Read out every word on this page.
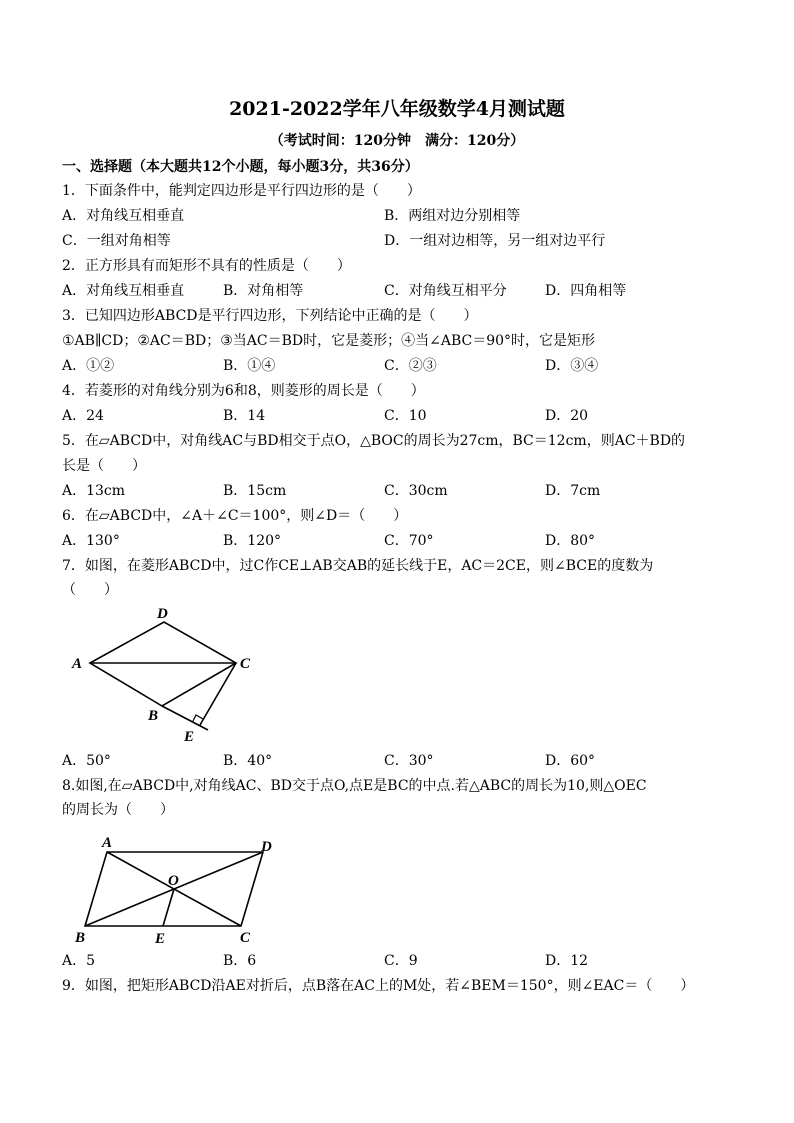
2021-2022学年八年级数学4月测试题
（考试时间：120分钟　满分：120分）
一、选择题（本大题共12个小题，每小题3分，共36分）
1．下面条件中，能判定四边形是平行四边形的是（　　）
A．对角线互相垂直	B．两组对边分别相等
C．一组对角相等	D．一组对边相等，另一组对边平行
2．正方形具有而矩形不具有的性质是（　　）
A．对角线互相垂直	B．对角相等	C．对角线互相平分	D．四角相等
3．已知四边形ABCD是平行四边形，下列结论中正确的是（　　）
①AB∥CD；②AC＝BD；③当AC＝BD时，它是菱形；④当∠ABC＝90°时，它是矩形
A．①②	B．①④	C．②③	D．③④
4．若菱形的对角线分别为6和8，则菱形的周长是（　　）
A．24	B．14	C．10	D．20
5．在▱ABCD中，对角线AC与BD相交于点O，△BOC的周长为27cm，BC＝12cm，则AC＋BD的
长是（　　）
A．13cm	B．15cm	C．30cm	D．7cm
6．在▱ABCD中，∠A＋∠C＝100°，则∠D＝（　　）
A．130°	B．120°	C．70°	D．80°
7．如图，在菱形ABCD中，过C作CE⊥AB交AB的延长线于E，AC＝2CE，则∠BCE的度数为
（　　）
A
B
C
D
E
A．50°	B．40°	C．30°	D．60°
8.如图,在▱ABCD中,对角线AC、BD交于点O,点E是BC的中点.若△ABC的周长为10,则△OEC
的周长为（　　）
A
B	C
D
E
O
A．5	B．6	C．9	D．12
9．如图，把矩形ABCD沿AE对折后，点B落在AC上的M处，若∠BEM＝150°，则∠EAC＝（　　）
